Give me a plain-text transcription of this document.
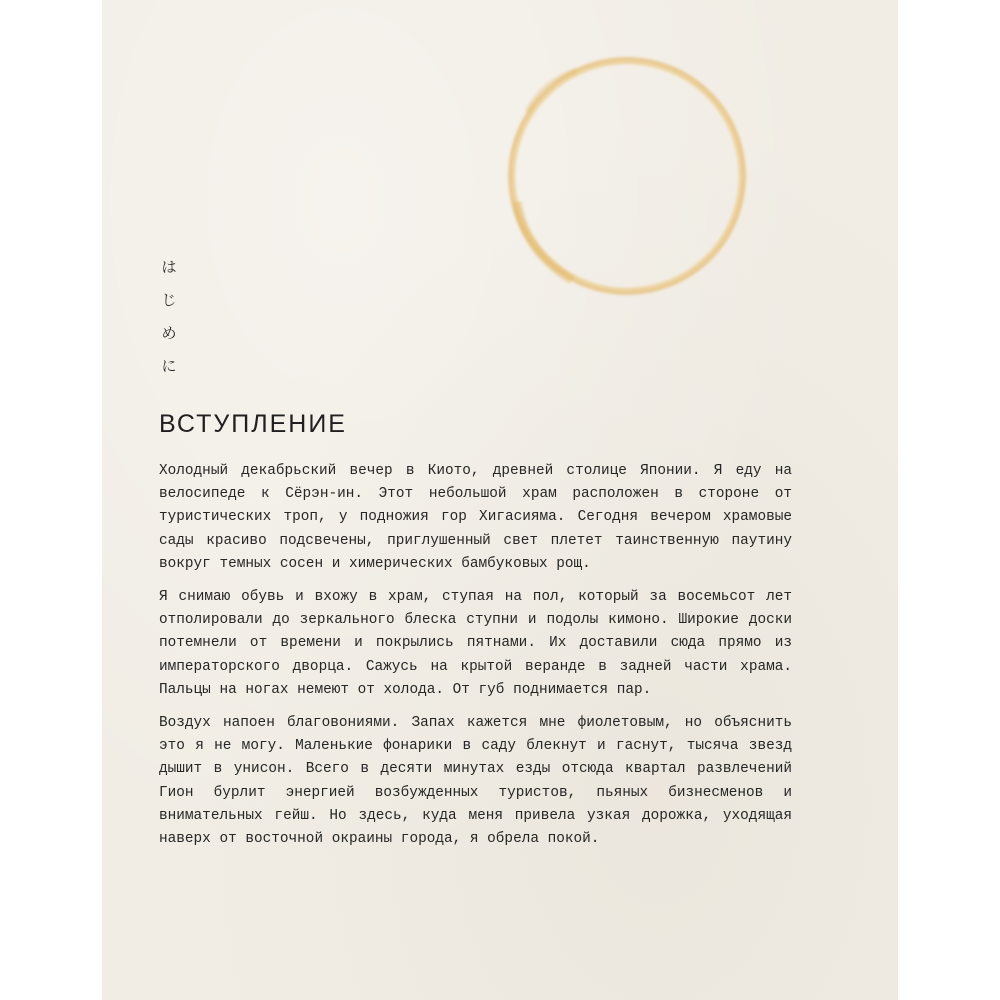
は
じ
め
に
ВСТУПЛЕНИЕ

Холодный декабрьский вечер в Киото, древней столице Японии. Я еду на велосипеде к Сёрэн-ин. Этот небольшой храм расположен в стороне от туристических троп, у подножия гор Хигасияма. Сегодня вечером храмовые сады красиво подсвечены, приглушенный свет плетет таинственную паутину вокруг темных сосен и химерических бамбуковых рощ.

Я снимаю обувь и вхожу в храм, ступая на пол, который за восемьсот лет отполировали до зеркального блеска ступни и подолы кимоно. Широкие доски потемнели от времени и покрылись пятнами. Их доставили сюда прямо из императорского дворца. Сажусь на крытой веранде в задней части храма. Пальцы на ногах немеют от холода. От губ поднимается пар.

Воздух напоен благовониями. Запах кажется мне фиолетовым, но объяснить это я не могу. Маленькие фонарики в саду блекнут и гаснут, тысяча звезд дышит в унисон. Всего в десяти минутах езды отсюда квартал развлечений Гион бурлит энергией возбужденных туристов, пьяных бизнесменов и внимательных гейш. Но здесь, куда меня привела узкая дорожка, уходящая наверх от восточной окраины города, я обрела покой.
